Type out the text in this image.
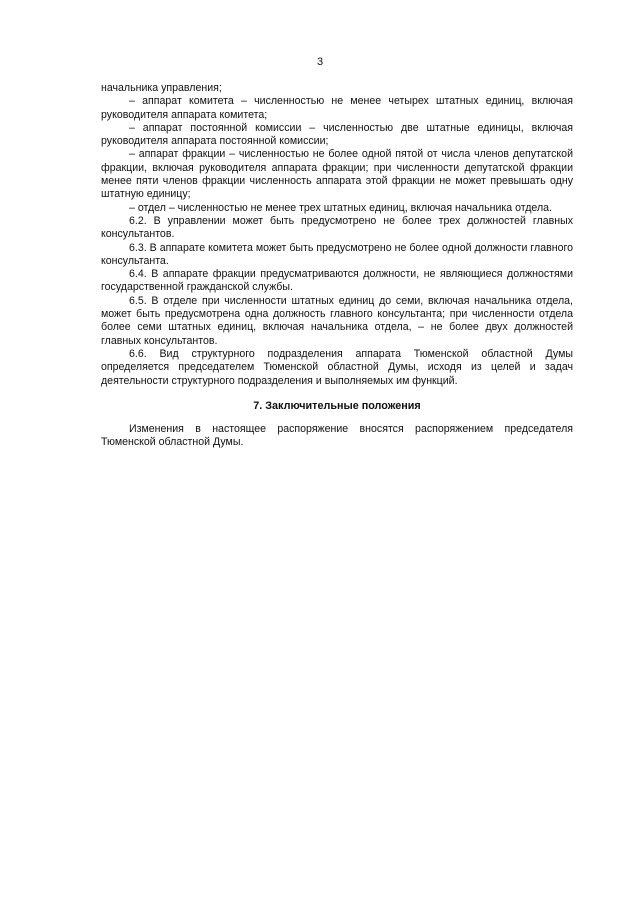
3

начальника управления;

– аппарат комитета – численностью не менее четырех штатных единиц, включая руководителя аппарата комитета;

– аппарат постоянной комиссии – численностью две штатные единицы, включая руководителя аппарата постоянной комиссии;

– аппарат фракции – численностью не более одной пятой от числа членов депутатской фракции, включая руководителя аппарата фракции; при численности депутатской фракции менее пяти членов фракции численность аппарата этой фракции не может превышать одну штатную единицу;

– отдел – численностью не менее трех штатных единиц, включая начальника отдела.

6.2. В управлении может быть предусмотрено не более трех должностей главных консультантов.

6.3. В аппарате комитета может быть предусмотрено не более одной должности главного консультанта.

6.4. В аппарате фракции предусматриваются должности, не являющиеся должностями государственной гражданской службы.

6.5. В отделе при численности штатных единиц до семи, включая начальника отдела, может быть предусмотрена одна должность главного консультанта; при численности отдела более семи штатных единиц, включая начальника отдела, – не более двух должностей главных консультантов.

6.6. Вид структурного подразделения аппарата Тюменской областной Думы определяется председателем Тюменской областной Думы, исходя из целей и задач деятельности структурного подразделения и выполняемых им функций.

7. Заключительные положения

Изменения в настоящее распоряжение вносятся распоряжением председателя Тюменской областной Думы.
